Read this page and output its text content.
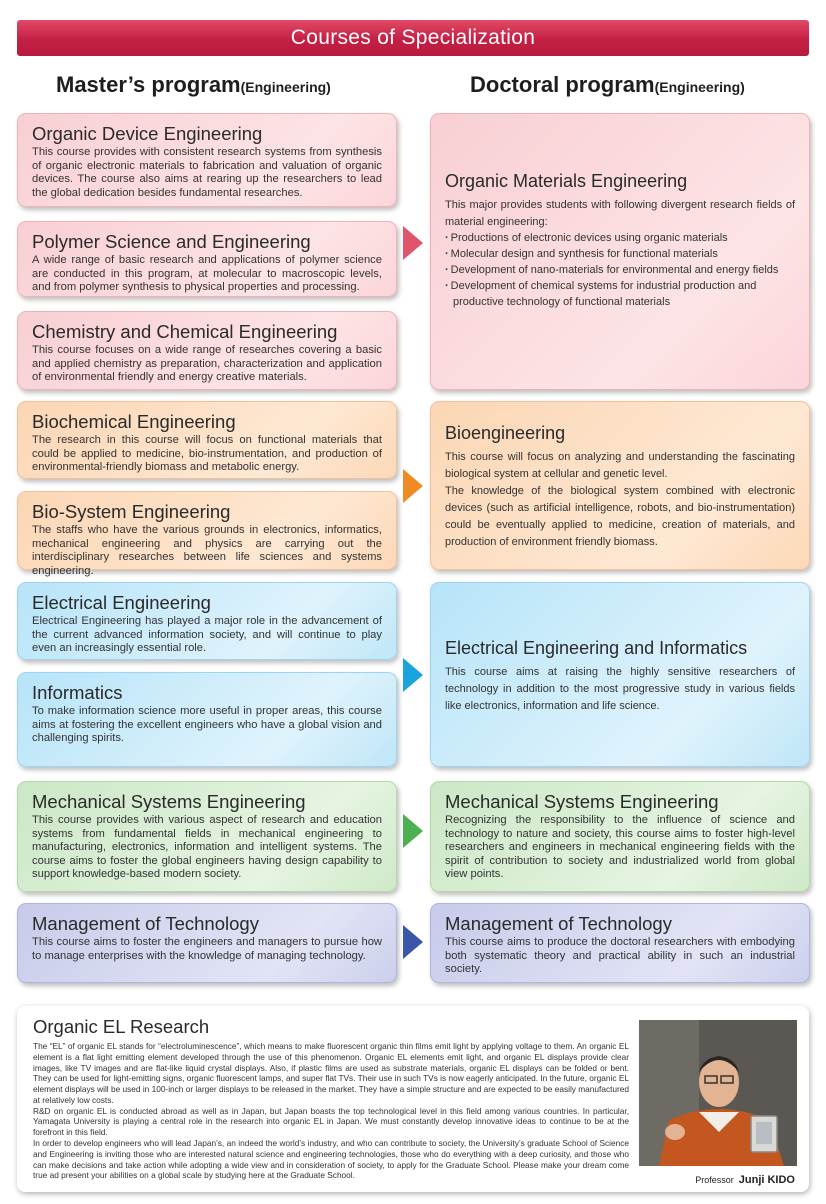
Courses of Specialization
Master’s program(Engineering)	Doctoral program(Engineering)
Organic Device Engineering

This course provides with consistent research systems from synthesis of organic electronic materials to fabrication and valuation of organic devices. The course also aims at rearing up the researchers to lead the global dedication besides fundamental researches.

Polymer Science and Engineering

A wide range of basic research and applications of polymer science are conducted in this program, at molecular to macroscopic levels, and from polymer synthesis to physical properties and processing.

Chemistry and Chemical Engineering

This course focuses on a wide range of researches covering a basic and applied chemistry as preparation, characterization and application of environmental friendly and energy creative materials.

Biochemical Engineering

The research in this course will focus on functional materials that could be applied to medicine, bio-instrumentation, and production of environmental-friendly biomass and metabolic energy.

Bio-System Engineering

The staffs who have the various grounds in electronics, informatics, mechanical engineering and physics are carrying out the interdisciplinary researches between life sciences and systems engineering.

Electrical Engineering

Electrical Engineering has played a major role in the advancement of the current advanced information society, and will continue to play even an increasingly essential role.

Informatics

To make information science more useful in proper areas, this course aims at fostering the excellent engineers who have a global vision and challenging spirits.

Mechanical Systems Engineering

This course provides with various aspect of research and education systems from fundamental fields in mechanical engineering to manufacturing, electronics, information and intelligent systems. The course aims to foster the global engineers having design capability to support knowledge-based modern society.

Management of Technology

This course aims to foster the engineers and managers to pursue how to manage enterprises with the knowledge of managing technology.

Organic Materials Engineering

This major provides students with following divergent research fields of material engineering:

· Productions of electronic devices using organic materials
· Molecular design and synthesis for functional materials
· Development of nano-materials for environmental and energy fields
· Development of chemical systems for industrial production and productive technology of functional materials
Bioengineering

This course will focus on analyzing and understanding the fascinating biological system at cellular and genetic level.

The knowledge of the biological system combined with electronic devices (such as artificial intelligence, robots, and bio-instrumentation) could be eventually applied to medicine, creation of materials, and production of environment friendly biomass.

Electrical Engineering and Informatics

This course aims at raising the highly sensitive researchers of technology in addition to the most progressive study in various fields like electronics, information and life science.

Mechanical Systems Engineering

Recognizing the responsibility to the influence of science and technology to nature and society, this course aims to foster high-level researchers and engineers in mechanical engineering fields with the spirit of contribution to society and industrialized world from global view points.

Management of Technology

This course aims to produce the doctoral researchers with embodying both systematic theory and practical ability in such an industrial society.

Organic EL Research

The “EL” of organic EL stands for “electroluminescence”, which means to make fluorescent organic thin films emit light by applying voltage to them. An organic EL element is a flat light emitting element developed through the use of this phenomenon. Organic EL elements emit light, and organic EL displays provide clear images, like TV images and are flat-like liquid crystal displays. Also, if plastic films are used as substrate materials, organic EL displays can be folded or bent. They can be used for light-emitting signs, organic fluorescent lamps, and super flat TVs. Their use in such TVs is now eagerly anticipated. In the future, organic EL element displays will be used in 100-inch or larger displays to be released in the market. They have a simple structure and are expected to be easily manufactured at relatively low costs.

R&D on organic EL is conducted abroad as well as in Japan, but Japan boasts the top technological level in this field among various countries. In particular, Yamagata University is playing a central role in the research into organic EL in Japan. We must constantly develop innovative ideas to continue to be at the forefront in this field.

In order to develop engineers who will lead Japan’s, an indeed the world’s industry, and who can contribute to society, the University’s graduate School of Science and Engineering is inviting those who are interested natural science and engineering technologies, those who do everything with a deep curiosity, and those who can make decisions and take action while adopting a wide view and in consideration of society, to apply for the Graduate School. Please make your dream come true ad present your abilities on a global scale by studying here at the Graduate School.	Professor Junji KIDO
